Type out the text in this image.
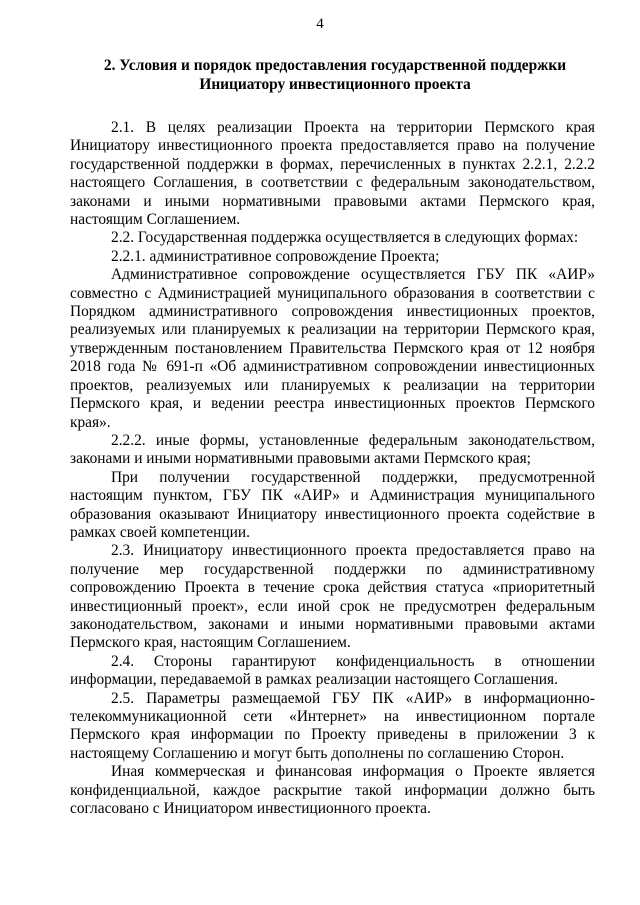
4
2. Условия и порядок предоставления государственной поддержки Инициатору инвестиционного проекта

2.1. В целях реализации Проекта на территории Пермского края Инициатору инвестиционного проекта предоставляется право на получение государственной поддержки в формах, перечисленных в пунктах 2.2.1, 2.2.2 настоящего Соглашения, в соответствии с федеральным законодательством, законами и иными нормативными правовыми актами Пермского края, настоящим Соглашением.

2.2. Государственная поддержка осуществляется в следующих формах:

2.2.1. административное сопровождение Проекта;

Административное сопровождение осуществляется ГБУ ПК «АИР» совместно с Администрацией муниципального образования в соответствии с Порядком административного сопровождения инвестиционных проектов, реализуемых или планируемых к реализации на территории Пермского края, утвержденным постановлением Правительства Пермского края от 12 ноября 2018 года № 691-п «Об административном сопровождении инвестиционных проектов, реализуемых или планируемых к реализации на территории Пермского края, и ведении реестра инвестиционных проектов Пермского края».

2.2.2. иные формы, установленные федеральным законодательством, законами и иными нормативными правовыми актами Пермского края;

При получении государственной поддержки, предусмотренной настоящим пунктом, ГБУ ПК «АИР» и Администрация муниципального образования оказывают Инициатору инвестиционного проекта содействие в рамках своей компетенции.

2.3. Инициатору инвестиционного проекта предоставляется право на получение мер государственной поддержки по административному сопровождению Проекта в течение срока действия статуса «приоритетный инвестиционный проект», если иной срок не предусмотрен федеральным законодательством, законами и иными нормативными правовыми актами Пермского края, настоящим Соглашением.

2.4. Стороны гарантируют конфиденциальность в отношении информации, передаваемой в рамках реализации настоящего Соглашения.

2.5. Параметры размещаемой ГБУ ПК «АИР» в информационно-телекоммуникационной сети «Интернет» на инвестиционном портале Пермского края информации по Проекту приведены в приложении 3 к настоящему Соглашению и могут быть дополнены по соглашению Сторон.

Иная коммерческая и финансовая информация о Проекте является конфиденциальной, каждое раскрытие такой информации должно быть согласовано с Инициатором инвестиционного проекта.
